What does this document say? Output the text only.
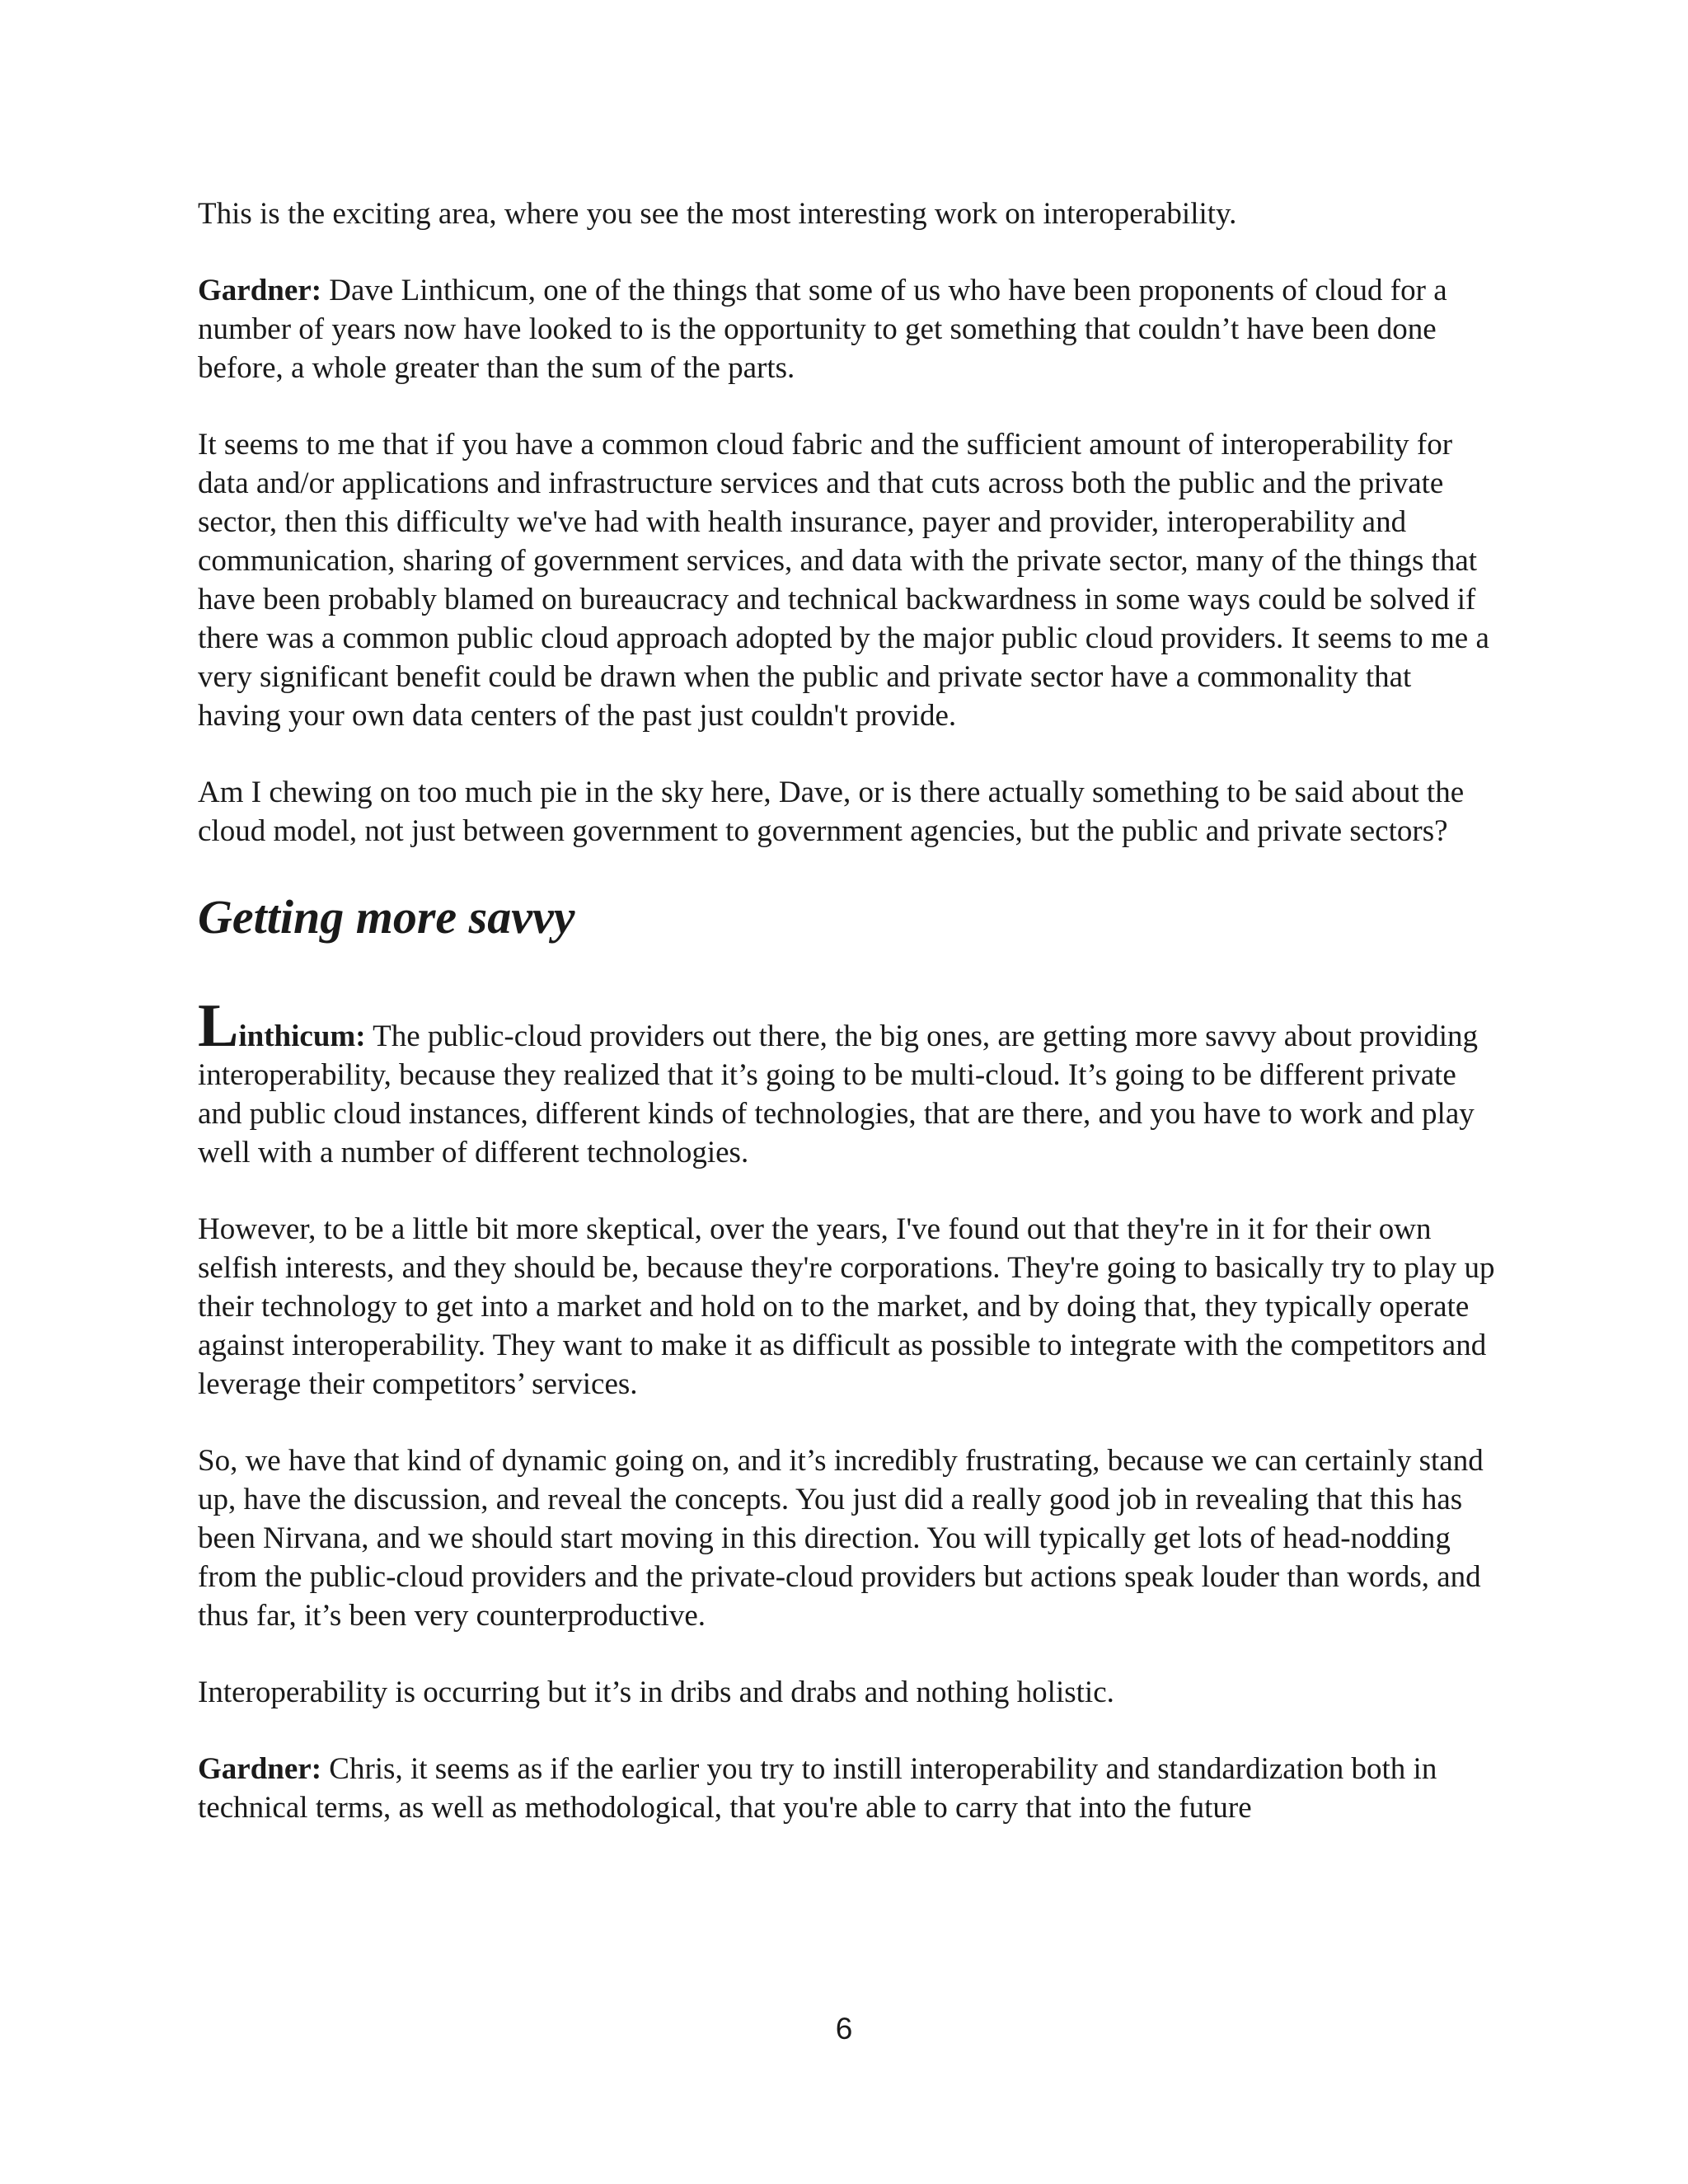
This is the exciting area, where you see the most interesting work on interoperability.

Gardner: Dave Linthicum, one of the things that some of us who have been proponents of cloud for a number of years now have looked to is the opportunity to get something that couldn’t have been done before, a whole greater than the sum of the parts.

It seems to me that if you have a common cloud fabric and the sufficient amount of interoperability for data and/or applications and infrastructure services and that cuts across both the public and the private sector, then this difficulty we've had with health insurance, payer and provider, interoperability and communication, sharing of government services, and data with the private sector, many of the things that have been probably blamed on bureaucracy and technical backwardness in some ways could be solved if there was a common public cloud approach adopted by the major public cloud providers. It seems to me a very significant benefit could be drawn when the public and private sector have a commonality that having your own data centers of the past just couldn't provide.

Am I chewing on too much pie in the sky here, Dave, or is there actually something to be said about the cloud model, not just between government to government agencies, but the public and private sectors?

Getting more savvy

Linthicum: The public-cloud providers out there, the big ones, are getting more savvy about providing interoperability, because they realized that it’s going to be multi-cloud. It’s going to be different private and public cloud instances, different kinds of technologies, that are there, and you have to work and play well with a number of different technologies.

However, to be a little bit more skeptical, over the years, I've found out that they're in it for their own selfish interests, and they should be, because they're corporations. They're going to basically try to play up their technology to get into a market and hold on to the market, and by doing that, they typically operate against interoperability. They want to make it as difficult as possible to integrate with the competitors and leverage their competitors’ services.

So, we have that kind of dynamic going on, and it’s incredibly frustrating, because we can certainly stand up, have the discussion, and reveal the concepts. You just did a really good job in revealing that this has been Nirvana, and we should start moving in this direction. You will typically get lots of head-nodding from the public-cloud providers and the private-cloud providers but actions speak louder than words, and thus far, it’s been very counterproductive.

Interoperability is occurring but it’s in dribs and drabs and nothing holistic.

Gardner: Chris, it seems as if the earlier you try to instill interoperability and standardization both in technical terms, as well as methodological, that you're able to carry that into the future

6
